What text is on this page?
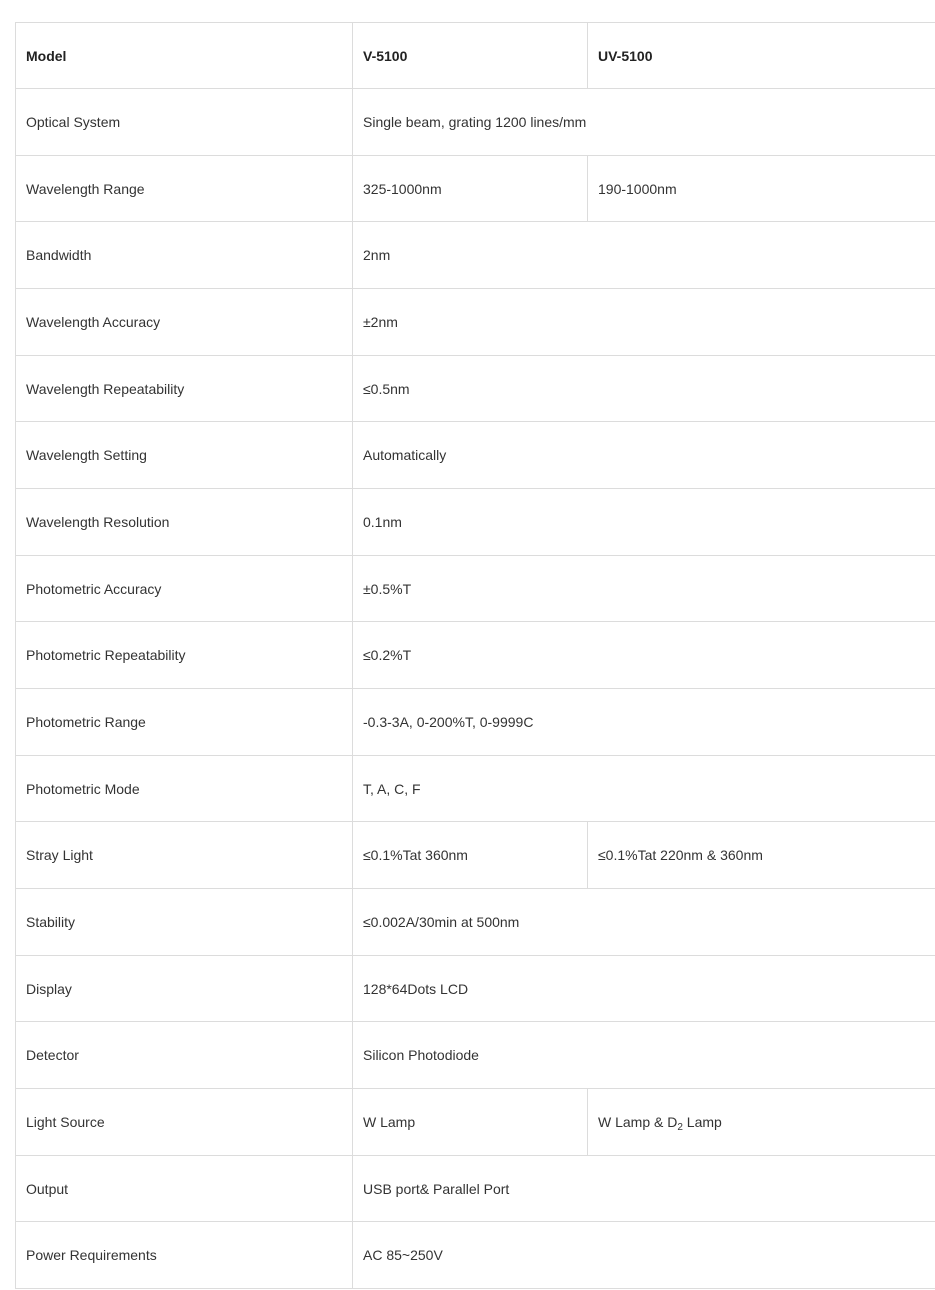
Model	V-5100	UV-5100
Optical System	Single beam, grating 1200 lines/mm	
Wavelength Range	325-1000nm	190-1000nm
Bandwidth	2nm	
Wavelength Accuracy	±2nm	
Wavelength Repeatability	≤0.5nm	
Wavelength Setting	Automatically	
Wavelength Resolution	0.1nm	
Photometric Accuracy	±0.5%T	
Photometric Repeatability	≤0.2%T	
Photometric Range	-0.3-3A, 0-200%T, 0-9999C	
Photometric Mode	T, A, C, F	
Stray Light	≤0.1%Tat 360nm	≤0.1%Tat 220nm & 360nm
Stability	≤0.002A/30min at 500nm	
Display	128*64Dots LCD	
Detector	Silicon Photodiode	
Light Source	W Lamp	W Lamp & $D_2$ Lamp
Output	USB port& Parallel Port	
Power Requirements	AC 85~250V	
